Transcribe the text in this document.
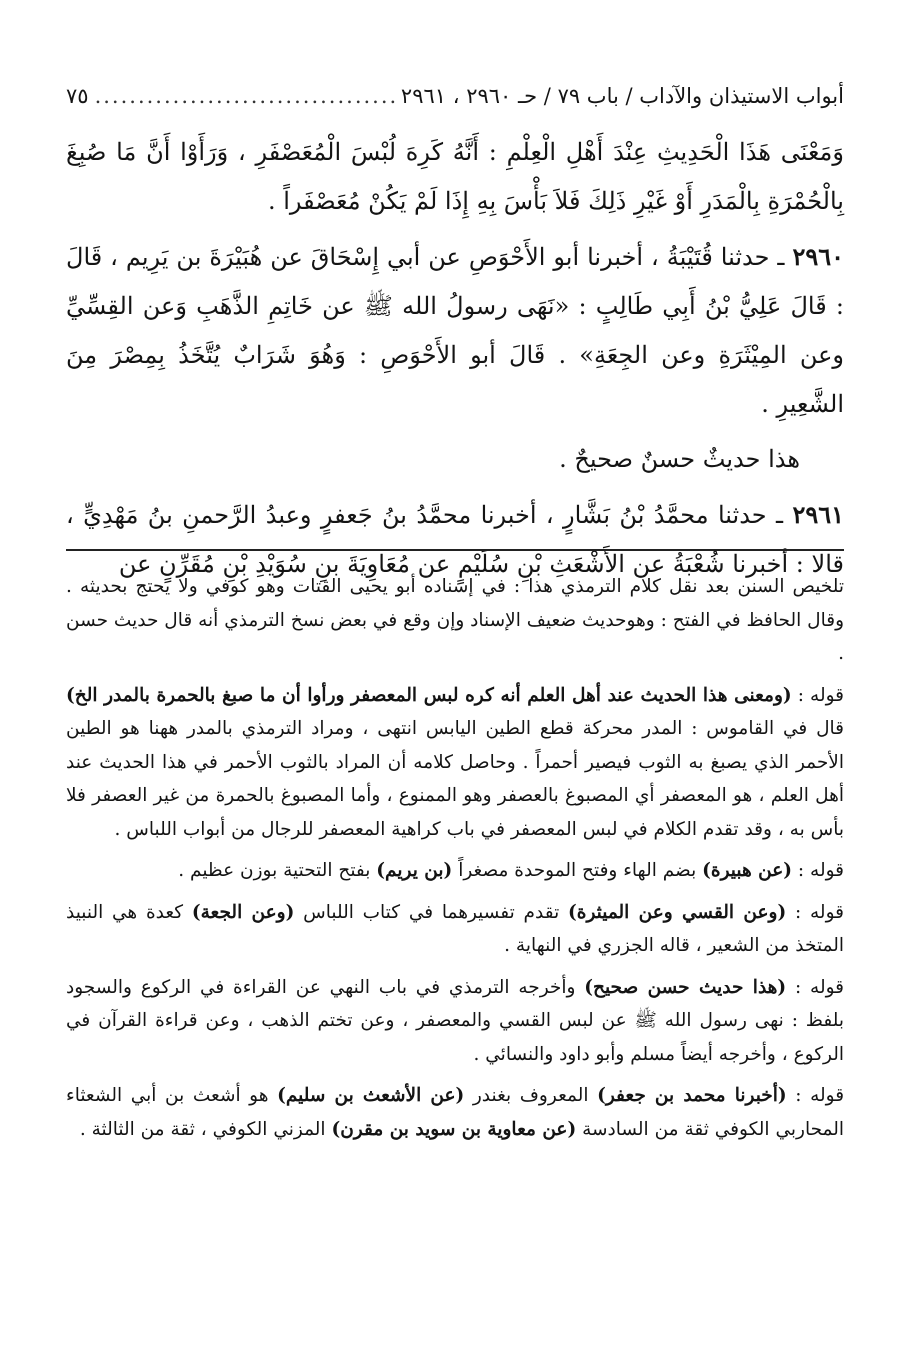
أبواب الاستيذان والآداب / باب ٧٩ / حـ ٢٩٦٠ ، ٢٩٦١
.....
٧٥

وَمَعْنَى هَذَا الْحَدِيثِ عِنْدَ أَهْلِ الْعِلْمِ : أَنَّهُ كَرِهَ لُبْسَ الْمُعَصْفَرِ ، وَرَأَوْا أَنَّ مَا صُبِغَ بِالْحُمْرَةِ بِالْمَدَرِ أَوْ غَيْرِ ذَلِكَ فَلاَ بَأْسَ بِهِ إِذَا لَمْ يَكُنْ مُعَصْفَراً .

٢٩٦٠ ـ حدثنا قُتَيْبَةُ ، أخبرنا أبو الأَحْوَصِ عن أبي إِسْحَاقَ عن هُبَيْرَةَ بن يَرِيم ، قَالَ : قَالَ عَلِيُّ بْنُ أَبِي طَالِبٍ : «نَهَى رسولُ الله ﷺ عن خَاتِمِ الذَّهَبِ وَعن القِسِّيِّ وعن المِيْثَرَةِ وعن الجِعَةِ» . قَالَ أبو الأَحْوَصِ : وَهُوَ شَرَابٌ يُتَّخَذُ بِمِصْرَ مِنَ الشَّعِيرِ .

هذا حديثٌ حسنٌ صحيحٌ .

٢٩٦١ ـ حدثنا محمَّدُ بْنُ بَشَّارٍ ، أخبرنا محمَّدُ بنُ جَعفرٍ وعبدُ الرَّحمنِ بنُ مَهْدِيٍّ ، قالا : أخبرنا شُعْبَةُ عن الأَشْعَثِ بْنِ سُلَيْمٍ عن مُعَاوِيَةَ بنِ سُوَيْدِ بْنِ مُقَرِّنٍ عن

تلخيص السنن بعد نقل كلام الترمذي هذا : في إسناده أبو يحيى القتات وهو كوفي ولا يحتج بحديثه . وقال الحافظ في الفتح : وهوحديث ضعيف الإسناد وإن وقع في بعض نسخ الترمذي أنه قال حديث حسن .

قوله : (ومعنى هذا الحديث عند أهل العلم أنه كره لبس المعصفر ورأوا أن ما صبغ بالحمرة بالمدر الخ) قال في القاموس : المدر محركة قطع الطين اليابس انتهى ، ومراد الترمذي بالمدر ههنا هو الطين الأحمر الذي يصبغ به الثوب فيصير أحمراً . وحاصل كلامه أن المراد بالثوب الأحمر في هذا الحديث عند أهل العلم ، هو المعصفر أي المصبوغ بالعصفر وهو الممنوع ، وأما المصبوغ بالحمرة من غير العصفر فلا بأس به ، وقد تقدم الكلام في لبس المعصفر في باب كراهية المعصفر للرجال من أبواب اللباس .

قوله : (عن هبيرة) بضم الهاء وفتح الموحدة مصغراً (بن يريم) بفتح التحتية بوزن عظيم .

قوله : (وعن القسي وعن الميثرة) تقدم تفسيرهما في كتاب اللباس (وعن الجعة) كعدة هي النبيذ المتخذ من الشعير ، قاله الجزري في النهاية .

قوله : (هذا حديث حسن صحيح) وأخرجه الترمذي في باب النهي عن القراءة في الركوع والسجود بلفظ : نهى رسول الله ﷺ عن لبس القسي والمعصفر ، وعن تختم الذهب ، وعن قراءة القرآن في الركوع ، وأخرجه أيضاً مسلم وأبو داود والنسائي .

قوله : (أخبرنا محمد بن جعفر) المعروف بغندر (عن الأشعث بن سليم) هو أشعث بن أبي الشعثاء المحاربي الكوفي ثقة من السادسة (عن معاوية بن سويد بن مقرن) المزني الكوفي ، ثقة من الثالثة .
